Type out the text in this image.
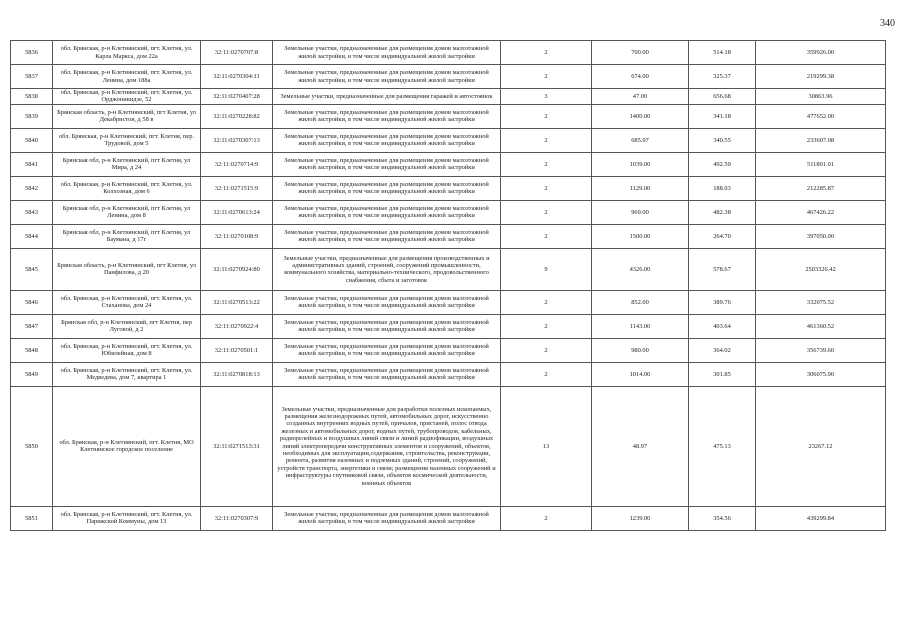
340
5836	обл. Брянская, р-н Клетнянский, пгт. Клетня, ул. Карла Маркса, дом 22а	32:11:0270707:8	Земельные участки, предназначенные для размещения домов малоэтажной жилой застройки, в том числе индивидуальной жилой застройки	2	700.00	514.18	359926.00
5837	обл. Брянская, р-н Клетнянский, пгт. Клетня, ул. Ленина, дом 188а	32:11:0270304:11	Земельные участки, предназначенные для размещения домов малоэтажной жилой застройки, в том числе индивидуальной жилой застройки	2	674.00	325.37	219299.38
5838	обл. Брянская, р-н Клетнянский, пгт. Клетня, ул. Орджоникидзе, 52	32:11:0270407:28	Земельные участки, предназначенные для размещения гаражей и автостоянок	3	47.00	656.68	30863.96
5839	Брянская область, р-н Клетнянский, пгт Клетня, ул Декабристов, д 58 в	32:11:0270228:82	Земельные участки, предназначенные для размещения домов малоэтажной жилой застройки, в том числе индивидуальной жилой застройки	2	1400.00	341.18	477652.00
5840	обл. Брянская, р-н Клетнянский, пгт. Клетня, пер. Трудовой, дом 5	32:11:0270307:13	Земельные участки, предназначенные для размещения домов малоэтажной жилой застройки, в том числе индивидуальной жилой застройки	2	685.97	340.55	233607.08
5841	Брянская обл, р-н Клетнянский, пгт Клетня, ул Мира, д 24	32:11:0270714:9	Земельные участки, предназначенные для размещения домов малоэтажной жилой застройки, в том числе индивидуальной жилой застройки	2	1039.00	492.59	511801.01
5842	обл. Брянская, р-н Клетнянский, пгт. Клетня, ул. Колхозная, дом 6	32:11:0271515:9	Земельные участки, предназначенные для размещения домов малоэтажной жилой застройки, в том числе индивидуальной жилой застройки	2	1129.00	188.03	212285.87
5843	Брянская обл, р-н Клетнянский, пгт Клетня, ул Ленина, дом 8	32:11:0270613:24	Земельные участки, предназначенные для размещения домов малоэтажной жилой застройки, в том числе индивидуальной жилой застройки	2	969.00	482.38	467426.22
5844	Брянская обл, р-н Клетнянский, пгт Клетня, ул Баумана, д 17г	32:11:0270108:9	Земельные участки, предназначенные для размещения домов малоэтажной жилой застройки, в том числе индивидуальной жилой застройки	2	1500.00	264.70	397050.00
5845	Брянская область, р-н Клетнянский, пгт Клетня, ул Панфилова, д 20	32:11:0270924:80	Земельные участки, предназначенные для размещения производственных и административных зданий, строений, сооружений промышленности, коммунального хозяйства, материально-технического, продовольственного снабжения, сбыта и заготовок	9	4326.00	578.67	2503326.42
5846	обл. Брянская, р-н Клетнянский, пгт. Клетня, ул. Стаханова, дом 24	32:11:0270513:22	Земельные участки, предназначенные для размещения домов малоэтажной жилой застройки, в том числе индивидуальной жилой застройки	2	852.00	389.76	332075.52
5847	Брянская обл, р-н Клетнянский, пгт Клетня, пер Луговой, д 2	32:11:0270922:4	Земельные участки, предназначенные для размещения домов малоэтажной жилой застройки, в том числе индивидуальной жилой застройки	2	1143.00	403.64	461360.52
5848	обл. Брянская, р-н Клетнянский, пгт. Клетня, ул. Юбилейная, дом 8	32:11:0270501:1	Земельные участки, предназначенные для размещения домов малоэтажной жилой застройки, в том числе индивидуальной жилой застройки	2	980.00	364.02	356739.60
5849	обл. Брянская, р-н Клетнянский, пгт. Клетня, ул. Медведева, дом 7, квартира 1	32:11:0270818:13	Земельные участки, предназначенные для размещения домов малоэтажной жилой застройки, в том числе индивидуальной жилой застройки	2	1014.00	301.85	306075.90
5850	обл. Брянская, р-н Клетнянский, пгт. Клетня, МО Клетнянское городское поселение	32:11:0271513:31	Земельные участки, предназначенные для разработки полезных ископаемых, размещения железнодорожных путей, автомобильных дорог, искусственно созданных внутренних водных путей, причалов, пристаней, полос отвода железных и автомобильных дорог, водных путей, трубопроводов, кабельных, радиорелейных и воздушных линий связи и линий радиофикации, воздушных линий электропередачи конструктивных элементов и сооружений, объектов, необходимых для эксплуатации,содержания, строительства, реконструкции, ремонта, развития наземных и подземных зданий, строений, сооружений, устройств транспорта, энергетики и связи; размещения наземных сооружений и инфраструктуры спутниковой связи, объектов космической деятельности, военных объектов	13	48.97	475.13	23267.12
5851	обл. Брянская, р-н Клетнянский, пгт. Клетня, ул. Парижской Коммуны, дом 13	32:11:0270307:9	Земельные участки, предназначенные для размещения домов малоэтажной жилой застройки, в том числе индивидуальной жилой застройки	2	1239.00	354.56	439299.84
